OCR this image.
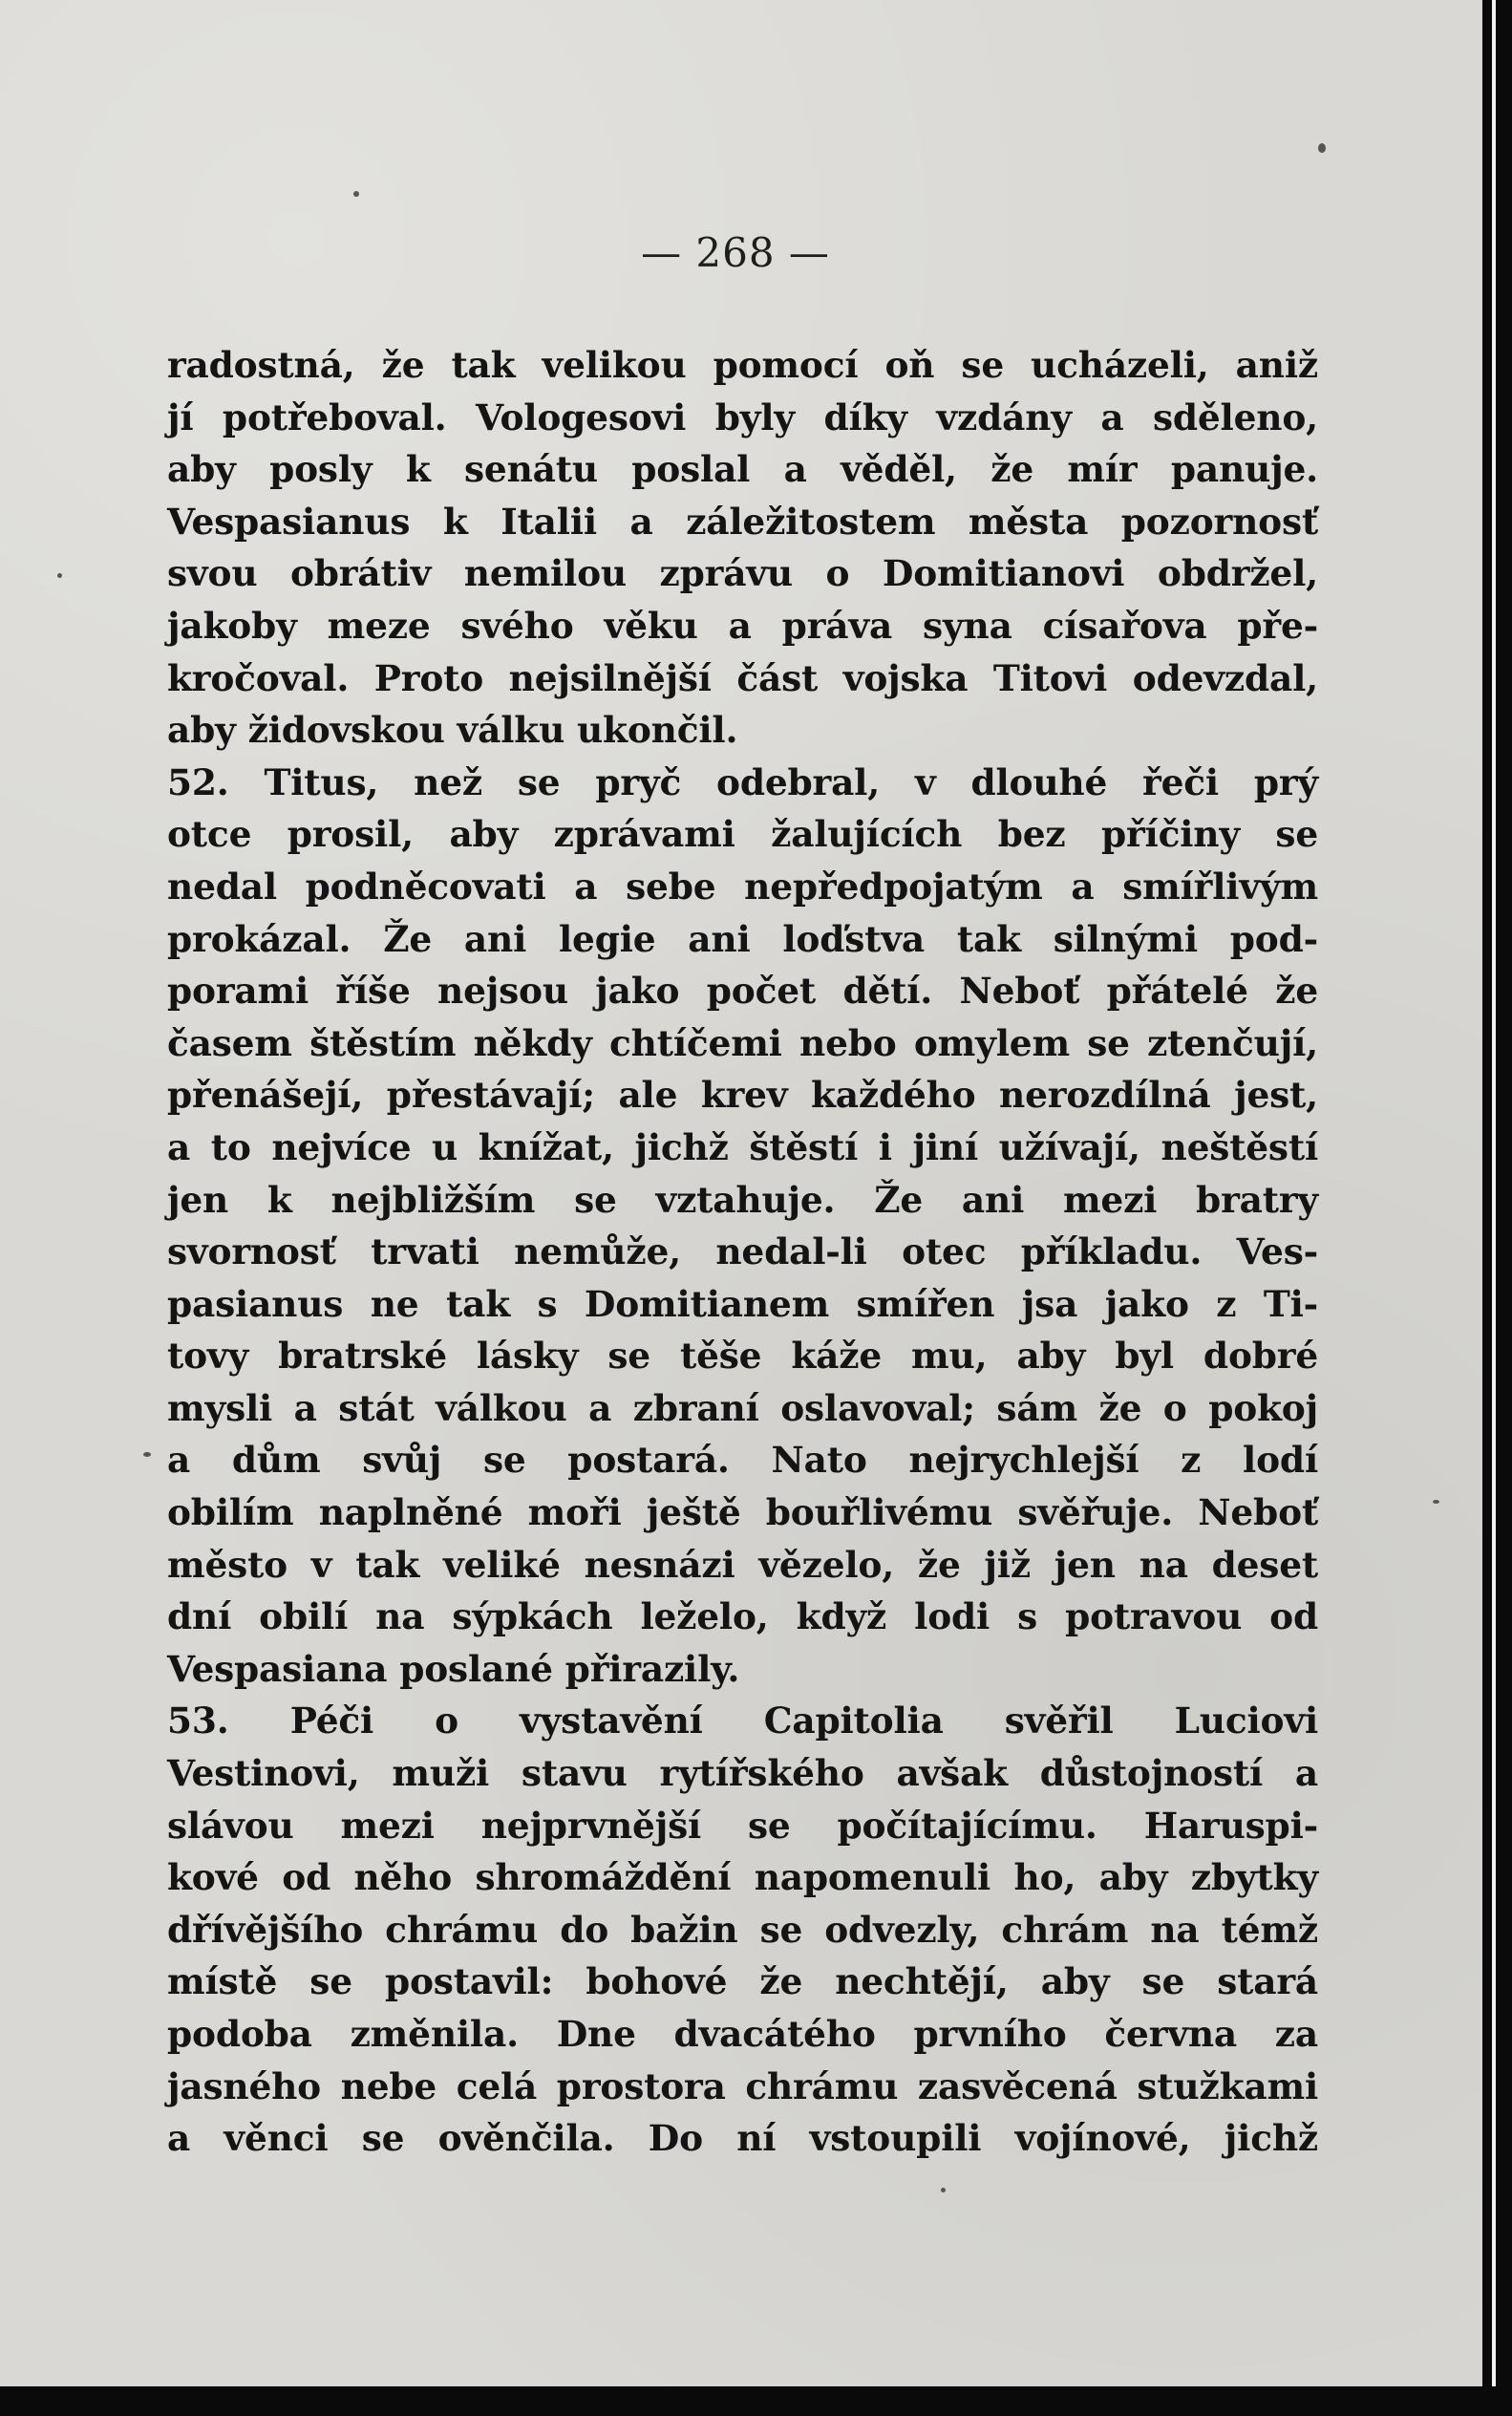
— 268 —
radostná, že tak velikou pomocí oň se ucházeli, aniž
jí potřeboval. Vologesovi byly díky vzdány a sděleno,
aby posly k senátu poslal a věděl, že mír panuje.
Vespasianus k Italii a záležitostem města pozornosť
svou obrátiv nemilou zprávu o Domitianovi obdržel,
jakoby meze svého věku a práva syna císařova pře-
kročoval. Proto nejsilnější část vojska Titovi odevzdal,
aby židovskou válku ukončil.
52. Titus, než se pryč odebral, v dlouhé řeči prý
otce prosil, aby zprávami žalujících bez příčiny se
nedal podněcovati a sebe nepředpojatým a smířlivým
prokázal. Že ani legie ani loďstva tak silnými pod-
porami říše nejsou jako počet dětí. Neboť přátelé že
časem štěstím někdy chtíčemi nebo omylem se ztenčují,
přenášejí, přestávají; ale krev každého nerozdílná jest,
a to nejvíce u knížat, jichž štěstí i jiní užívají, neštěstí
jen k nejbližším se vztahuje. Že ani mezi bratry
svornosť trvati nemůže, nedal-li otec příkladu. Ves-
pasianus ne tak s Domitianem smířen jsa jako z Ti-
tovy bratrské lásky se těše káže mu, aby byl dobré
mysli a stát válkou a zbraní oslavoval; sám že o pokoj
a dům svůj se postará. Nato nejrychlejší z lodí
obilím naplněné moři ještě bouřlivému svěřuje. Neboť
město v tak veliké nesnázi vězelo, že již jen na deset
dní obilí na sýpkách leželo, když lodi s potravou od
Vespasiana poslané přirazily.
53. Péči o vystavění Capitolia svěřil Luciovi
Vestinovi, muži stavu rytířského avšak důstojností a
slávou mezi nejprvnější se počítajícímu. Haruspi-
kové od něho shromáždění napomenuli ho, aby zbytky
dřívějšího chrámu do bažin se odvezly, chrám na témž
místě se postavil: bohové že nechtějí, aby se stará
podoba změnila. Dne dvacátého prvního června za
jasného nebe celá prostora chrámu zasvěcená stužkami
a věnci se ověnčila. Do ní vstoupili vojínové, jichž
